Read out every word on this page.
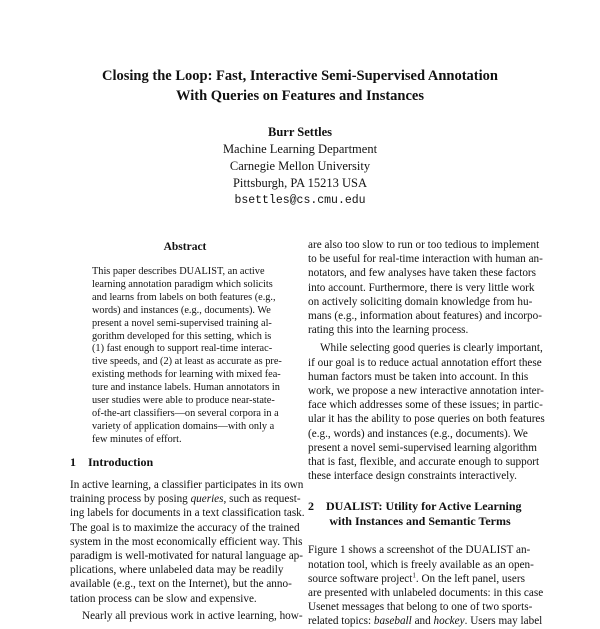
Closing the Loop: Fast, Interactive Semi-Supervised Annotation
With Queries on Features and Instances
Burr Settles
Machine Learning Department
Carnegie Mellon University
Pittsburgh, PA 15213 USA
bsettles@cs.cmu.edu
Abstract
This paper describes DUALIST, an active
learning annotation paradigm which solicits
and learns from labels on both features (e.g.,
words) and instances (e.g., documents). We
present a novel semi-supervised training al-
gorithm developed for this setting, which is
(1) fast enough to support real-time interac-
tive speeds, and (2) at least as accurate as pre-
existing methods for learning with mixed fea-
ture and instance labels. Human annotators in
user studies were able to produce near-state-
of-the-art classifiers—on several corpora in a
variety of application domains—with only a
few minutes of effort.
1 Introduction
In active learning, a classifier participates in its own
training process by posing queries, such as request-
ing labels for documents in a text classification task.
The goal is to maximize the accuracy of the trained
system in the most economically efficient way. This
paradigm is well-motivated for natural language ap-
plications, where unlabeled data may be readily
available (e.g., text on the Internet), but the anno-
tation process can be slow and expensive.
Nearly all previous work in active learning, how-
are also too slow to run or too tedious to implement
to be useful for real-time interaction with human an-
notators, and few analyses have taken these factors
into account. Furthermore, there is very little work
on actively soliciting domain knowledge from hu-
mans (e.g., information about features) and incorpo-
rating this into the learning process.
While selecting good queries is clearly important,
if our goal is to reduce actual annotation effort these
human factors must be taken into account. In this
work, we propose a new interactive annotation inter-
face which addresses some of these issues; in partic-
ular it has the ability to pose queries on both features
(e.g., words) and instances (e.g., documents). We
present a novel semi-supervised learning algorithm
that is fast, flexible, and accurate enough to support
these interface design constraints interactively.
2 DUALIST: Utility for Active Learning
with Instances and Semantic Terms
Figure 1 shows a screenshot of the DUALIST an-
notation tool, which is freely available as an open-
source software project$^1$. On the left panel, users
are presented with unlabeled documents: in this case
Usenet messages that belong to one of two sports-
related topics: baseball and hockey. Users may label
